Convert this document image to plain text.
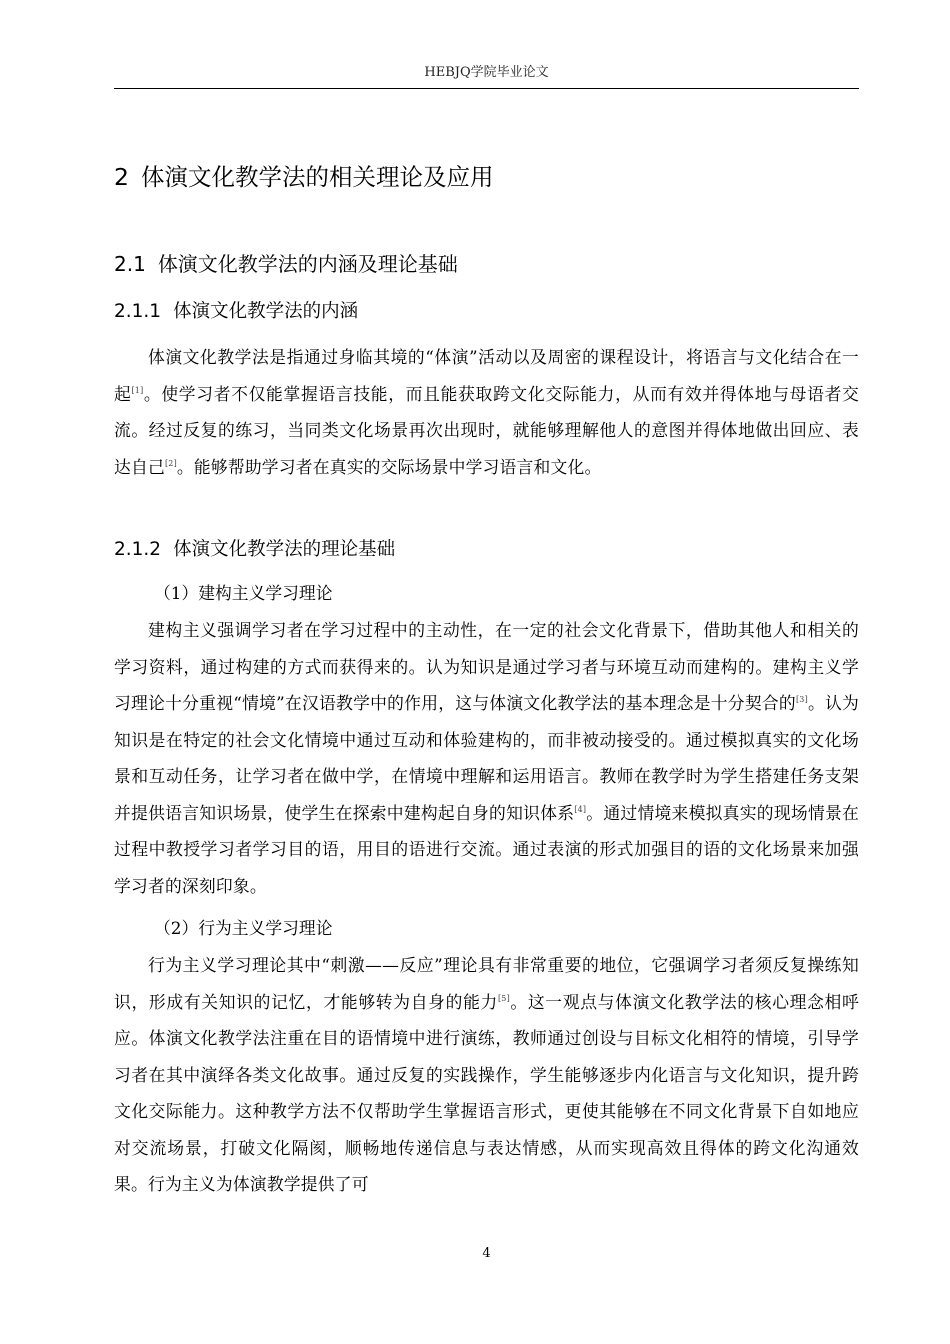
HEBJQ学院毕业论文
2 体演文化教学法的相关理论及应用
2.1 体演文化教学法的内涵及理论基础
2.1.1 体演文化教学法的内涵

体演文化教学法是指通过身临其境的“体演”活动以及周密的课程设计，将语言与文化结合在一起[1]。使学习者不仅能掌握语言技能，而且能获取跨文化交际能力，从而有效并得体地与母语者交流。经过反复的练习，当同类文化场景再次出现时，就能够理解他人的意图并得体地做出回应、表达自己[2]。能够帮助学习者在真实的交际场景中学习语言和文化。

2.1.2 体演文化教学法的理论基础
（1）建构主义学习理论

建构主义强调学习者在学习过程中的主动性，在一定的社会文化背景下，借助其他人和相关的学习资料，通过构建的方式而获得来的。认为知识是通过学习者与环境互动而建构的。建构主义学习理论十分重视“情境”在汉语教学中的作用，这与体演文化教学法的基本理念是十分契合的[3]。认为知识是在特定的社会文化情境中通过互动和体验建构的，而非被动接受的。通过模拟真实的文化场景和互动任务，让学习者在做中学，在情境中理解和运用语言。教师在教学时为学生搭建任务支架并提供语言知识场景，使学生在探索中建构起自身的知识体系[4]。通过情境来模拟真实的现场情景在过程中教授学习者学习目的语，用目的语进行交流。通过表演的形式加强目的语的文化场景来加强学习者的深刻印象。

（2）行为主义学习理论

行为主义学习理论其中“刺激——反应”理论具有非常重要的地位，它强调学习者须反复操练知识，形成有关知识的记忆，才能够转为自身的能力[5]。这一观点与体演文化教学法的核心理念相呼应。体演文化教学法注重在目的语情境中进行演练，教师通过创设与目标文化相符的情境，引导学习者在其中演绎各类文化故事。通过反复的实践操作，学生能够逐步内化语言与文化知识，提升跨文化交际能力。这种教学方法不仅帮助学生掌握语言形式，更使其能够在不同文化背景下自如地应对交流场景，打破文化隔阂，顺畅地传递信息与表达情感，从而实现高效且得体的跨文化沟通效果。行为主义为体演教学提供了可

4
